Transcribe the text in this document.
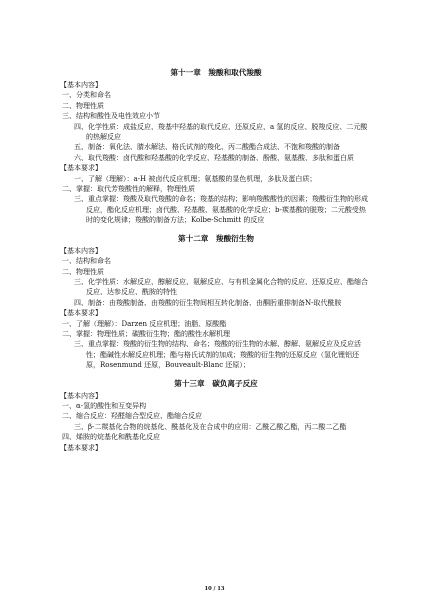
第十一章　羧酸和取代羧酸
【基本内容】
一、分类和命名
二、物理性质
三、结构和酸性及电性效应小节
四、化学性质：成盐反应、羧基中羟基的取代反应、还原反应、a 氢的反应、脱羧反应、二元酸的热解反应
五、制备：氧化法、腈水解法、格氏试剂的羧化、丙二酸酯合成法、不饱和羧酸的制备
六、取代羧酸：卤代酸和羟基酸的化学反应、羟基酸的制备、酚酸、氨基酸、多肽和蛋白质
【基本要求】
一、了解（理解）：a-H 被卤代反应机理；氨基酸的显色机理，多肽及蛋白质；
二、掌握：取代芳羧酸性的解释，物理性质
三、重点掌握：羧酸及取代羧酸的命名；羧基的结构；影响羧酸酸性的因素；羧酸衍生物的形成反应，酯化反应机理；卤代酸、羟基酸、氨基酸的化学反应；b-羰基酸的脱羧；二元酸受热时的变化规律；羧酸的制备方法；Kolbe-Schmitt 的反应
第十二章　羧酸衍生物
【基本内容】
一、结构和命名
二、物理性质
三、化学性质：水解反应、醇解反应、氨解反应、与有机金属化合物的反应、还原反应、酯缩合反应、达参反应、酰胺的特性
四、制备：由羧酸制备、由羧酸的衍生物间相互转化制备、由酮肟重排制备N-取代酰胺
【基本要求】
一、了解（理解）：Darzen 反应机理；油脂、原酸酯
二、掌握：物理性质；碳酸衍生物；酯的酸性水解机理
三、重点掌握：羧酸的衍生物的结构、命名；羧酸的衍生物的水解、醇解、氨解反应及反应活性；酯碱性水解反应机理；酯与格氏试剂的加成；羧酸的衍生物的还原反应（氢化锂铝还原，Rosenmund 还原，Bouveault-Blanc 还原）；
第十三章　碳负离子反应
【基本内容】
一、α-氢的酸性和互变异构
二、缩合反应：羟醛缩合型反应、酯缩合反应
三、β-二羰基化合物的烷基化、酰基化及在合成中的应用：乙酰乙酸乙酯，丙二酸二乙酯
四、烯胺的烷基化和酰基化反应
【基本要求】
10 / 13
